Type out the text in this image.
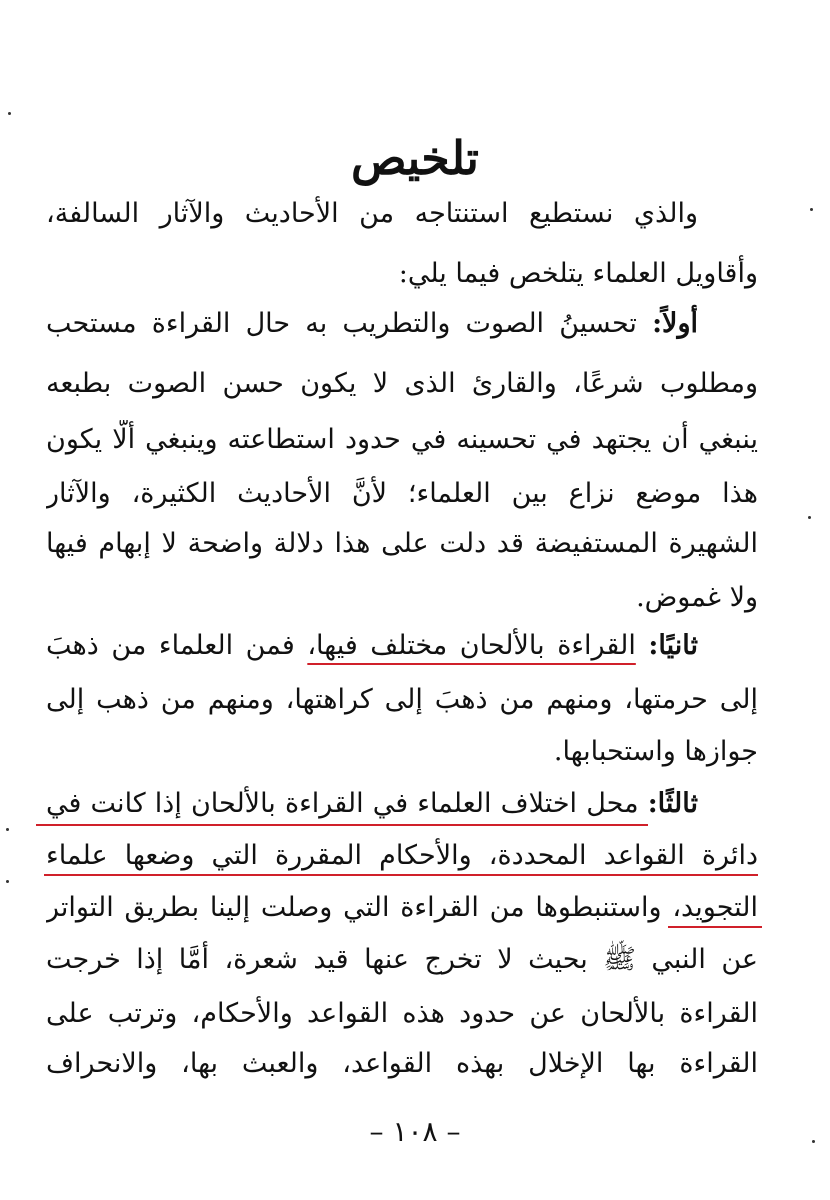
تلخيص
والذي نستطيع استنتاجه من الأحاديث والآثار السالفة،
وأقاويل العلماء يتلخص فيما يلي:
أولاً: تحسينُ الصوت والتطريب به حال القراءة مستحب
ومطلوب شرعًا، والقارئ الذى لا يكون حسن الصوت بطبعه
ينبغي أن يجتهد في تحسينه في حدود استطاعته وينبغي ألَّا يكون
هذا موضع نزاع بين العلماء؛ لأنَّ الأحاديث الكثيرة، والآثار
الشهيرة المستفيضة قد دلت على هذا دلالة واضحة لا إبهام فيها
ولا غموض.
ثانيًا: القراءة بالألحان مختلف فيها، فمن العلماء من ذهبَ
إلى حرمتها، ومنهم من ذهبَ إلى كراهتها، ومنهم من ذهب إلى
جوازها واستحبابها.
ثالثًا: محل اختلاف العلماء في القراءة بالألحان إذا كانت في
دائرة القواعد المحددة، والأحكام المقررة التي وضعها علماء
التجويد، واستنبطوها من القراءة التي وصلت إلينا بطريق التواتر
عن النبي ﷺ بحيث لا تخرج عنها قيد شعرة، أمَّا إذا خرجت
القراءة بالألحان عن حدود هذه القواعد والأحكام، وترتب على
القراءة بها الإخلال بهذه القواعد، والعبث بها، والانحراف
– ١٠٨ –
